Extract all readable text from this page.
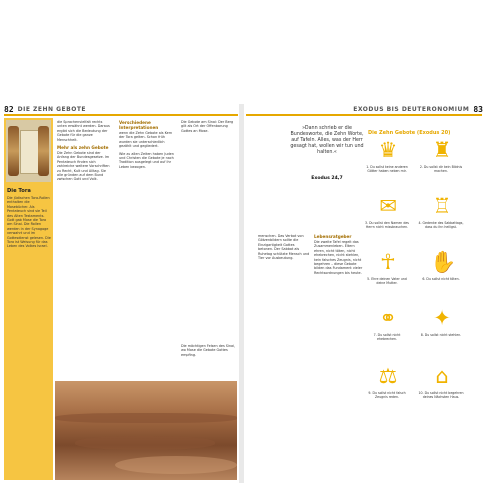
82 DIE ZEHN GEBOTE
Die Tora
Die jüdischen Tora-Rollen enthalten die Mosebücher. Als Pentateuch sind sie Teil des Alten Testaments. Gott gab Mose die Tora am Sinai. Die Rollen werden in der Synagoge verwahrt und im Gottesdienst gelesen. Die Tora ist Weisung für das Leben des Volkes Israel.

die Sprachenvielfalt rechts unten erwähnt werden. Daraus ergibt sich die Bedeutung der Gebote für die ganze Menschheit.

Mehr als zehn Gebote

Die Zehn Gebote sind der Anfang der Bundesgesetze. Im Pentateuch finden sich zahlreiche weitere Vorschriften zu Recht, Kult und Alltag. Sie alle gründen auf dem Bund zwischen Gott und Volk.

Verschiedene Interpretationen

wenn die Zehn Gebote als Kern der Tora gelten. Schon früh wurden sie unterschiedlich gezählt und gegliedert.

Wie zu allen Zeiten haben Juden und Christen die Gebote je nach Tradition ausgelegt und auf ihr Leben bezogen.

Die Gebote am Sinai: Der Berg gilt als Ort der Offenbarung Gottes an Mose.

Die mächtigen Felsen des Sinai, wo Mose die Gebote Gottes empfing.
EXODUS BIS DEUTERONOMIUM 83
»Dann schrieb er die Bundesworte, die Zehn Worte, auf Tafeln. Alles, was der Herr gesagt hat, wollen wir tun und halten.«
Exodus 24,7

menschen. Das Verbot von Götzenbildern sollte die Einzigartigkeit Gottes betonen. Der Sabbat als Ruhetag schützte Mensch und Tier vor Ausbeutung.

Lebensratgeber

Die zweite Tafel regelt das Zusammenleben. Eltern ehren, nicht töten, nicht ehebrechen, nicht stehlen, kein falsches Zeugnis, nicht begehren – diese Gebote bilden das Fundament vieler Rechtsordnungen bis heute.

Die Zehn Gebote (Exodus 20)
♛
1. Du sollst keine anderen Götter haben neben mir.
♜
2. Du sollst dir kein Bildnis machen.
✉
3. Du sollst den Namen des Herrn nicht missbrauchen.
♖
4. Gedenke des Sabbattags, dass du ihn heiligst.
☥
5. Ehre deinen Vater und deine Mutter.
✋
6. Du sollst nicht töten.
⚭
7. Du sollst nicht ehebrechen.
✦
8. Du sollst nicht stehlen.
⚖
9. Du sollst nicht falsch Zeugnis reden.
⌂
10. Du sollst nicht begehren deines Nächsten Haus.
